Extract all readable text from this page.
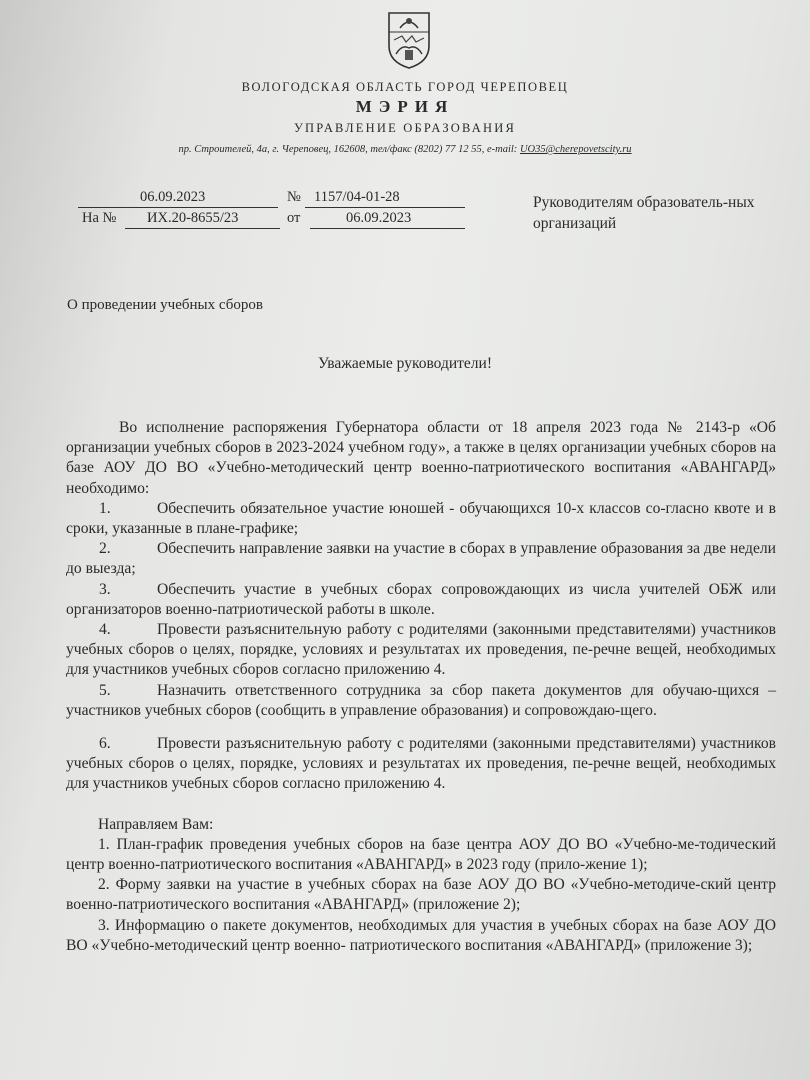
ВОЛОГОДСКАЯ ОБЛАСТЬ ГОРОД ЧЕРЕПОВЕЦ
МЭРИЯ
УПРАВЛЕНИЕ ОБРАЗОВАНИЯ
пр. Строителей, 4а, г. Череповец, 162608, тел/факс (8202) 77 12 55, е-mail: UO35@cherepovetscity.ru
06.09.2023	№ 1157/04-01-28
На № ИХ.20-8655/23	от	06.09.2023
Руководителям образователь-ных организаций
О проведении учебных сборов
Уважаемые руководители!

Во исполнение распоряжения Губернатора области от 18 апреля 2023 года № 2143-р «Об организации учебных сборов в 2023-2024 учебном году», а также в целях организации учебных сборов на базе АОУ ДО ВО «Учебно-методический центр военно-патриотического воспитания «АВАНГАРД» необходимо:

1.	Обеспечить обязательное участие юношей - обучающихся 10-х классов со-гласно квоте и в сроки, указанные в плане-графике;

2.	Обеспечить направление заявки на участие в сборах в управление образования за две недели до выезда;

3.	Обеспечить участие в учебных сборах сопровождающих из числа учителей ОБЖ или организаторов военно-патриотической работы в школе.

4.	Провести разъяснительную работу с родителями (законными представителями) участников учебных сборов о целях, порядке, условиях и результатах их проведения, пе-речне вещей, необходимых для участников учебных сборов согласно приложению 4.

5.	Назначить ответственного сотрудника за сбор пакета документов для обучаю-щихся –участников учебных сборов (сообщить в управление образования) и сопровождаю-щего.

6.	Провести разъяснительную работу с родителями (законными представителями) участников учебных сборов о целях, порядке, условиях и результатах их проведения, пе-речне вещей, необходимых для участников учебных сборов согласно приложению 4.

Направляем Вам:

1. План-график проведения учебных сборов на базе центра АОУ ДО ВО «Учебно-ме-тодический центр военно-патриотического воспитания «АВАНГАРД» в 2023 году (прило-жение 1);

2. Форму заявки на участие в учебных сборах на базе АОУ ДО ВО «Учебно-методиче-ский центр военно-патриотического воспитания «АВАНГАРД» (приложение 2);

3. Информацию о пакете документов, необходимых для участия в учебных сборах на базе АОУ ДО ВО «Учебно-методический центр военно- патриотического воспитания «АВАНГАРД» (приложение 3);
